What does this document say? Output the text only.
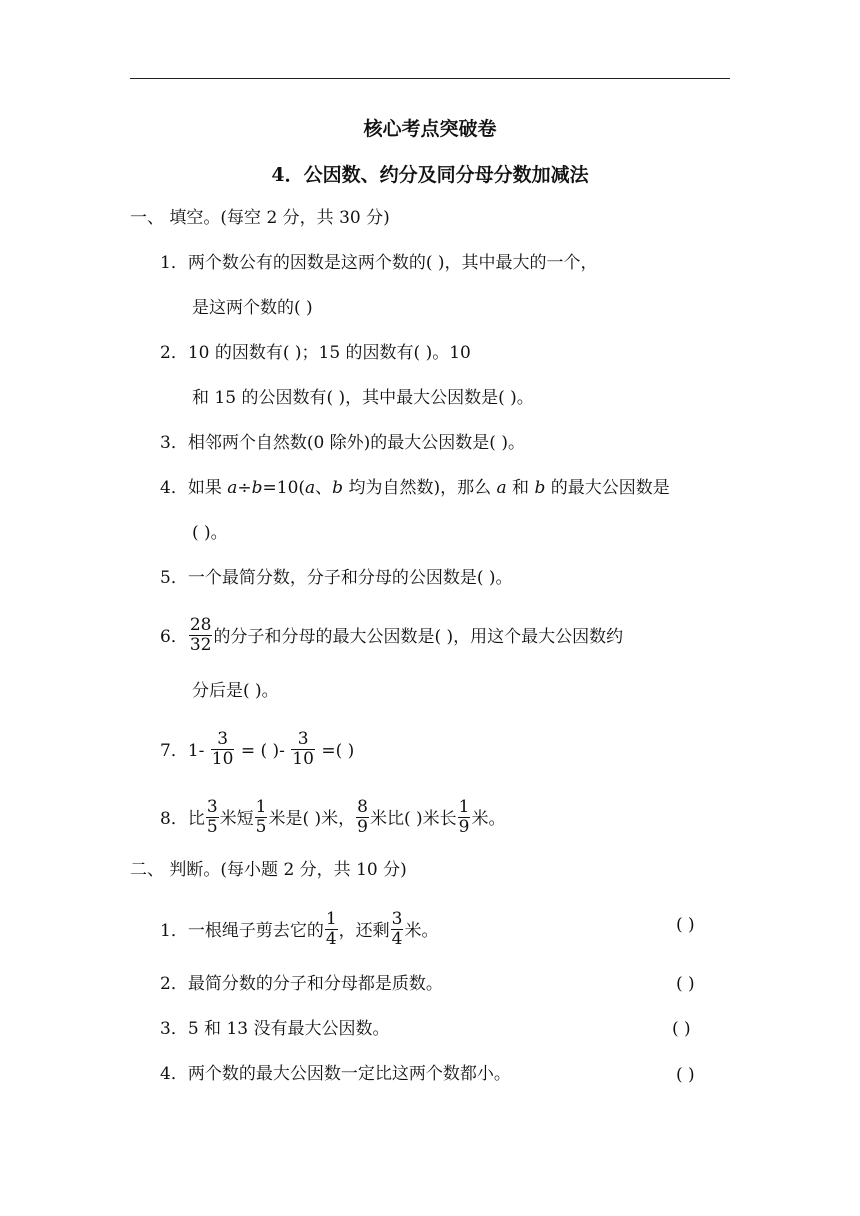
核心考点突破卷
4．公因数、约分及同分母分数加减法
一、 填空。(每空 2 分，共 30 分)
1．两个数公有的因数是这两个数的( )，其中最大的一个，
是这两个数的( )
2．10 的因数有( )；15 的因数有( )。10
和 15 的公因数有( )，其中最大公因数是( )。
3．相邻两个自然数(0 除外)的最大公因数是( )。
4．如果 a÷b=10(a、b 均为自然数)，那么 a 和 b 的最大公因数是
( )。
5．一个最简分数，分子和分母的公因数是( )。
6． $\frac{28}{32}$ 的分子和分母的最大公因数是( )，用这个最大公因数约
分后是( )。
7．$1- \frac{3}{10}$ = ( )- $\frac{3}{10}$ =( )
8．比 $\frac{3}{5}$ 米短 $\frac{1}{5}$ 米是( )米， $\frac{8}{9}$ 米比( )米长 $\frac{1}{9}$ 米。
二、 判断。(每小题 2 分，共 10 分)
1．一根绳子剪去它的 $\frac{1}{4}$ ，还剩 $\frac{3}{4}$ 米。	( )
2．最简分数的分子和分母都是质数。	( )
3．5 和 13 没有最大公因数。	( )
4．两个数的最大公因数一定比这两个数都小。	( )
